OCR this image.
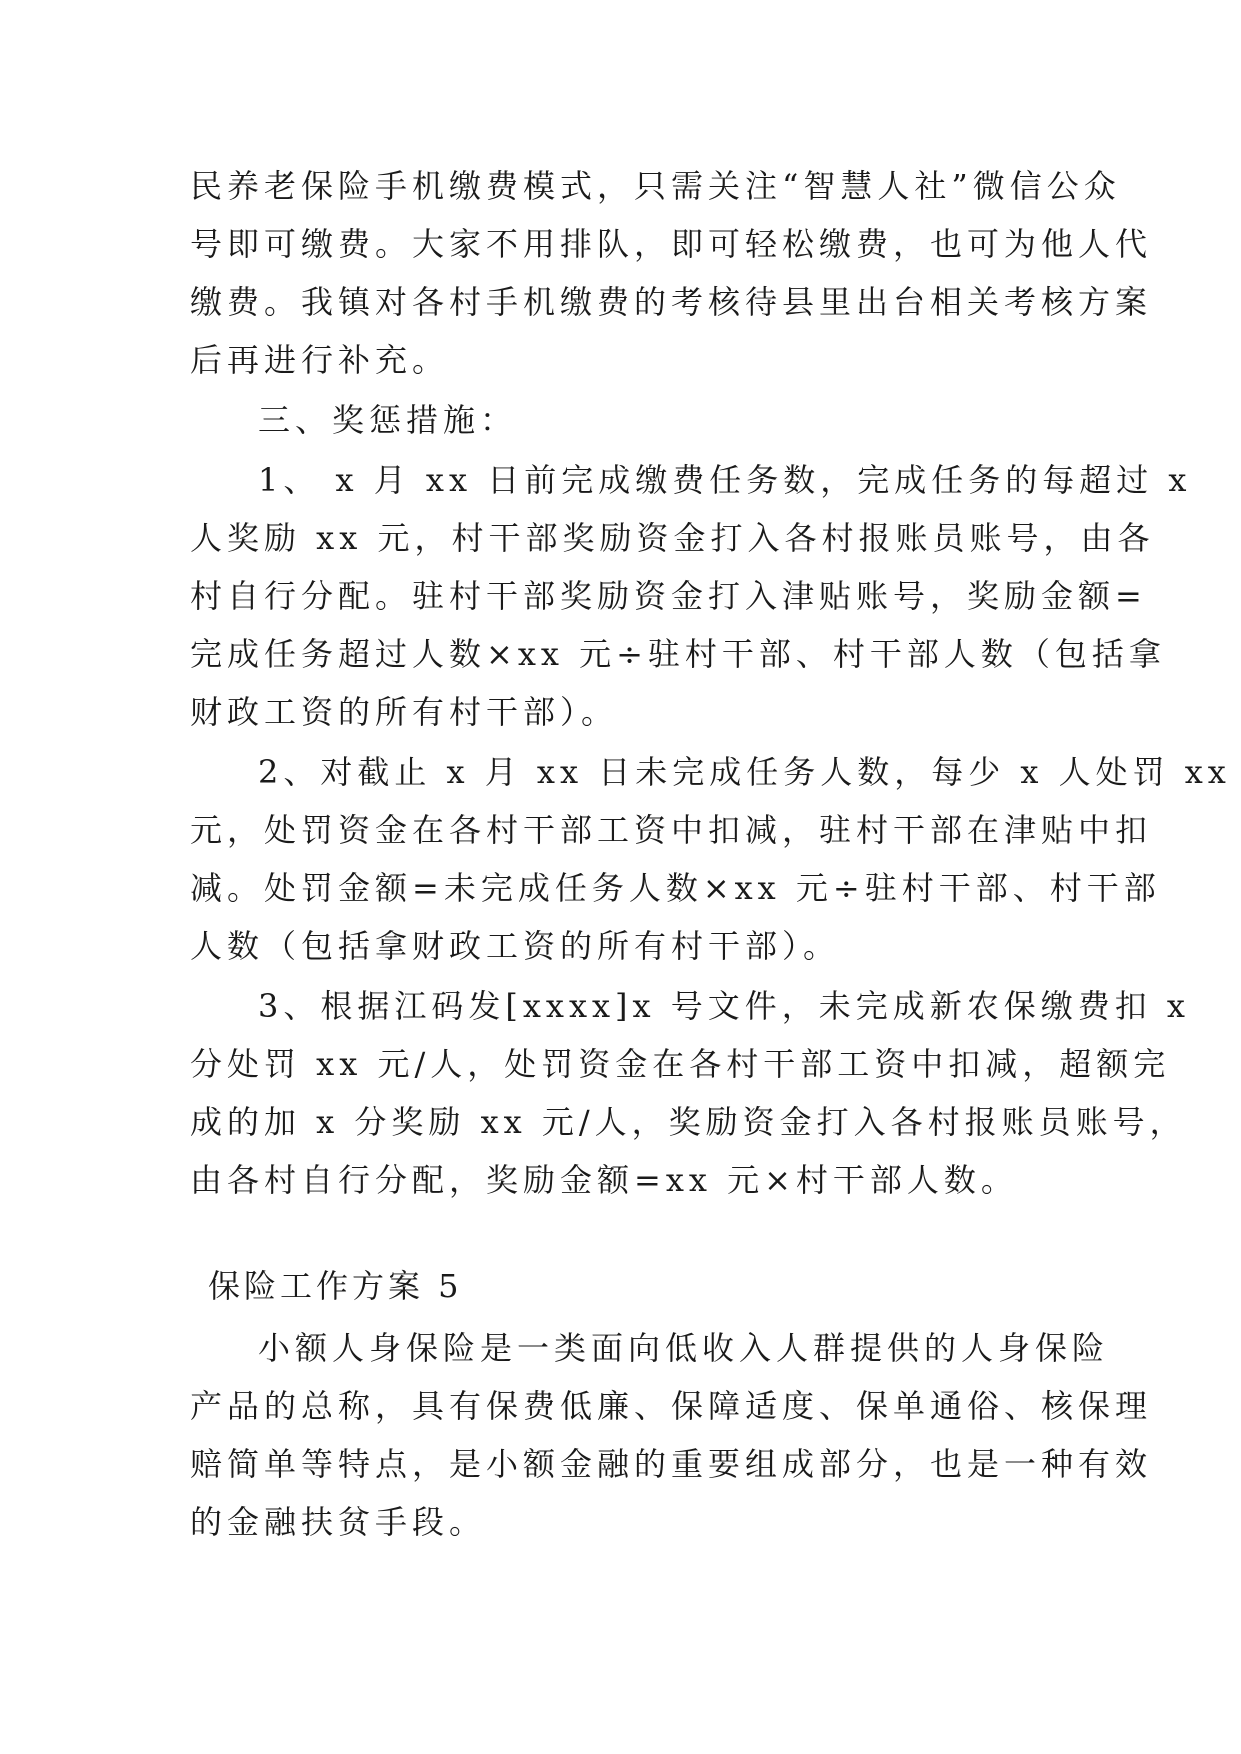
民养老保险手机缴费模式，只需关注“智慧人社”微信公众

号即可缴费。大家不用排队，即可轻松缴费，也可为他人代

缴费。我镇对各村手机缴费的考核待县里出台相关考核方案

后再进行补充。

三、奖惩措施：

1、 x 月 xx 日前完成缴费任务数，完成任务的每超过 x

人奖励 xx 元，村干部奖励资金打入各村报账员账号，由各

村自行分配。驻村干部奖励资金打入津贴账号，奖励金额=

完成任务超过人数×xx 元÷驻村干部、村干部人数（包括拿

财政工资的所有村干部）。

2、对截止 x 月 xx 日未完成任务人数，每少 x 人处罚 xx

元，处罚资金在各村干部工资中扣减，驻村干部在津贴中扣

减。处罚金额=未完成任务人数×xx 元÷驻村干部、村干部

人数（包括拿财政工资的所有村干部）。

3、根据江码发[xxxx]x 号文件，未完成新农保缴费扣 x

分处罚 xx 元/人，处罚资金在各村干部工资中扣减，超额完

成的加 x 分奖励 xx 元/人，奖励资金打入各村报账员账号，

由各村自行分配，奖励金额=xx 元×村干部人数。

保险工作方案 5

小额人身保险是一类面向低收入人群提供的人身保险

产品的总称，具有保费低廉、保障适度、保单通俗、核保理

赔简单等特点，是小额金融的重要组成部分，也是一种有效

的金融扶贫手段。
